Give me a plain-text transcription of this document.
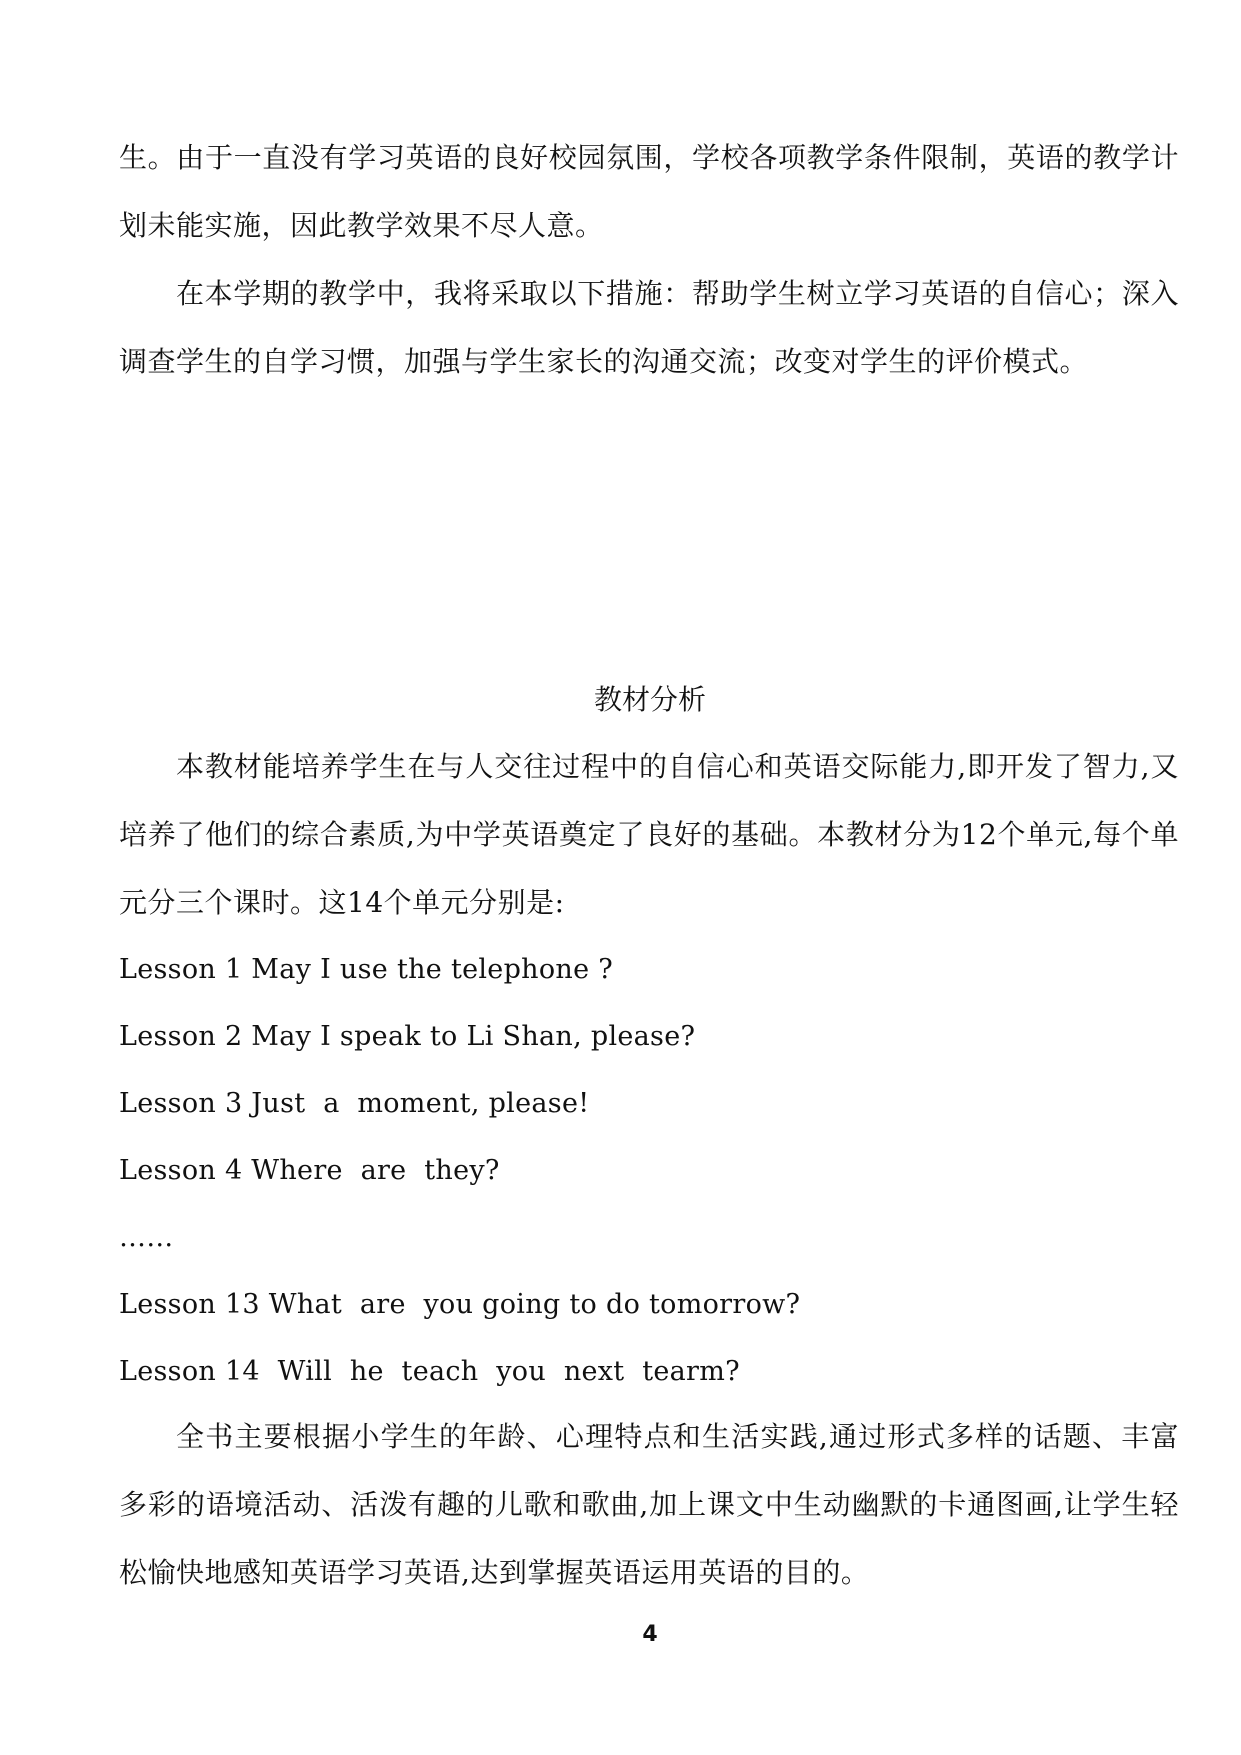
生。由于一直没有学习英语的良好校园氛围，学校各项教学条件限制，英语的教学计划未能实施，因此教学效果不尽人意。

在本学期的教学中，我将采取以下措施：帮助学生树立学习英语的自信心；深入调查学生的自学习惯，加强与学生家长的沟通交流；改变对学生的评价模式。

教材分析

本教材能培养学生在与人交往过程中的自信心和英语交际能力,即开发了智力,又培养了他们的综合素质,为中学英语奠定了良好的基础。本教材分为12个单元,每个单元分三个课时。这14个单元分别是:

Lesson 1 May I use the telephone ?

Lesson 2 May I speak to Li Shan, please?

Lesson 3 Just  a  moment, please!

Lesson 4 Where  are  they?

……

Lesson 13 What  are  you going to do tomorrow?

Lesson 14  Will  he  teach  you  next  tearm?

全书主要根据小学生的年龄、心理特点和生活实践,通过形式多样的话题、丰富多彩的语境活动、活泼有趣的儿歌和歌曲,加上课文中生动幽默的卡通图画,让学生轻松愉快地感知英语学习英语,达到掌握英语运用英语的目的。

4
